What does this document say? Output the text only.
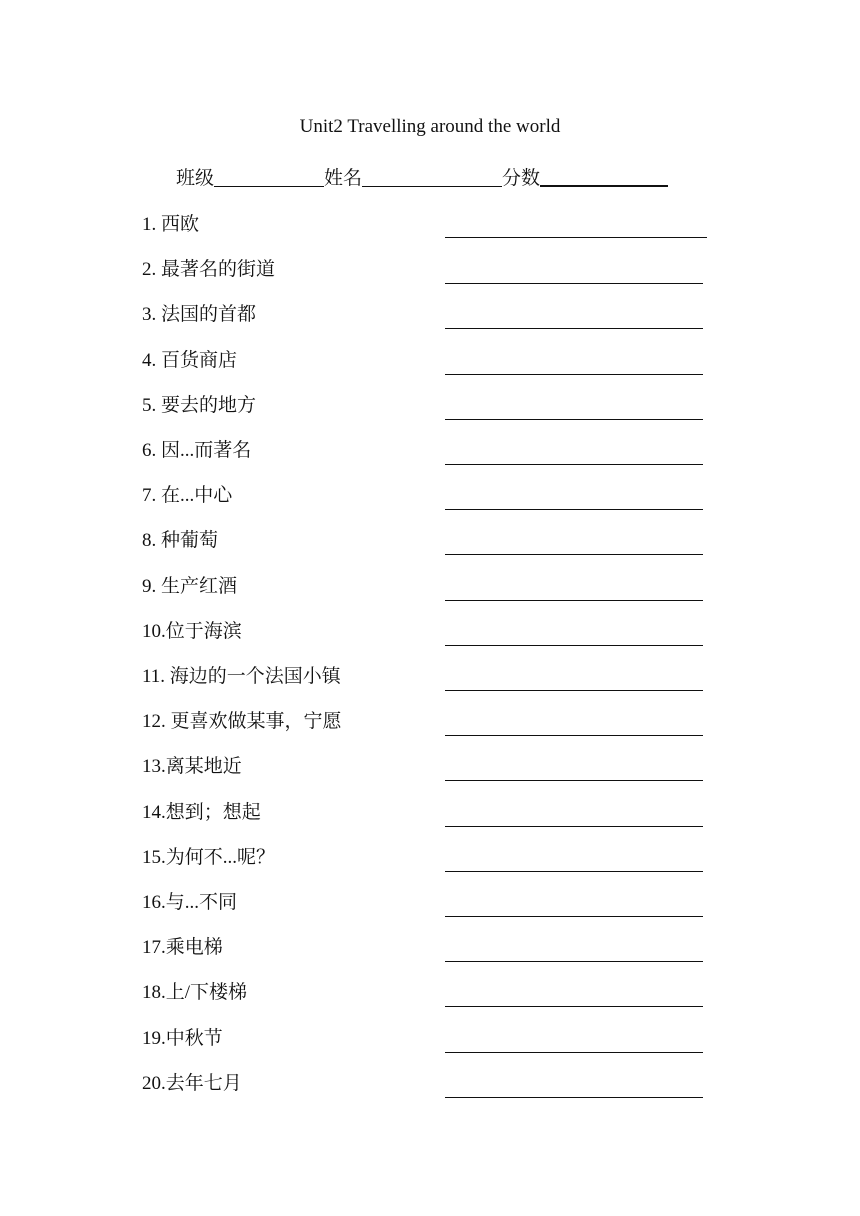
Unit2 Travelling around the world
班级	姓名	分数
1. 西欧
2. 最著名的街道
3. 法国的首都
4. 百货商店
5. 要去的地方
6. 因...而著名
7. 在...中心
8. 种葡萄
9. 生产红酒
10.位于海滨
11. 海边的一个法国小镇
12. 更喜欢做某事，宁愿
13.离某地近
14.想到；想起
15.为何不...呢？
16.与...不同
17.乘电梯
18.上/下楼梯
19.中秋节
20.去年七月
